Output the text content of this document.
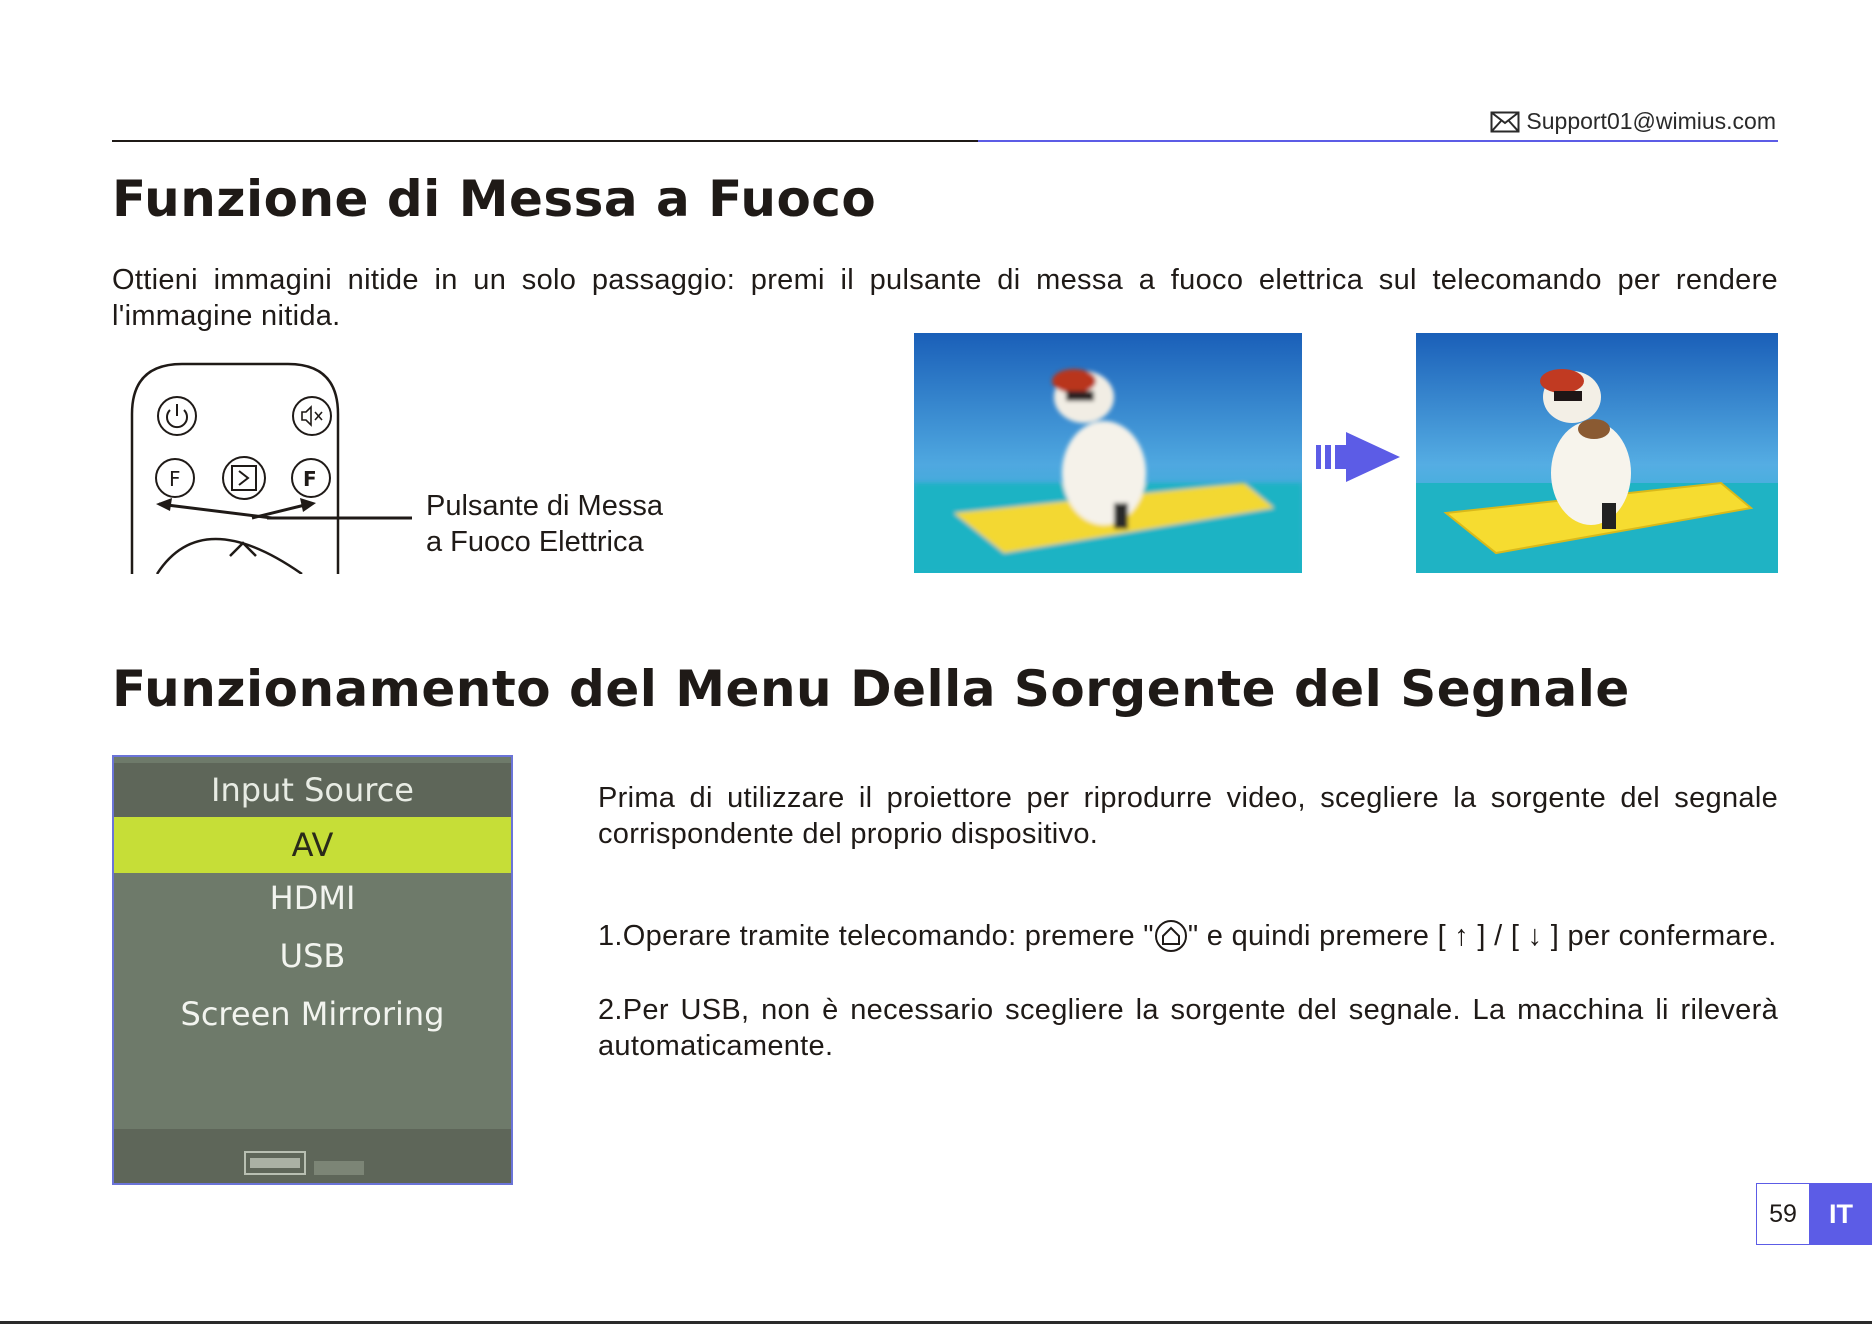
Support01@wimius.com
Funzione di Messa a Fuoco
Ottieni immagini nitide in un solo passaggio: premi il pulsante di messa a fuoco elettrica sul telecomando per rendere l'immagine nitida.
F	F
Pulsante di Messa
a Fuoco Elettrica
Funzionamento del Menu Della Sorgente del Segnale
Input Source
AV
HDMI
USB
Screen Mirroring
Prima di utilizzare il proiettore per riprodurre video, scegliere la sorgente del segnale corrispondente del proprio dispositivo.
1.Operare tramite telecomando: premere " " e quindi premere [ ↑ ] / [ ↓ ] per confermare.
2.Per USB, non è necessario scegliere la sorgente del segnale. La macchina li rileverà automaticamente.
59	IT
